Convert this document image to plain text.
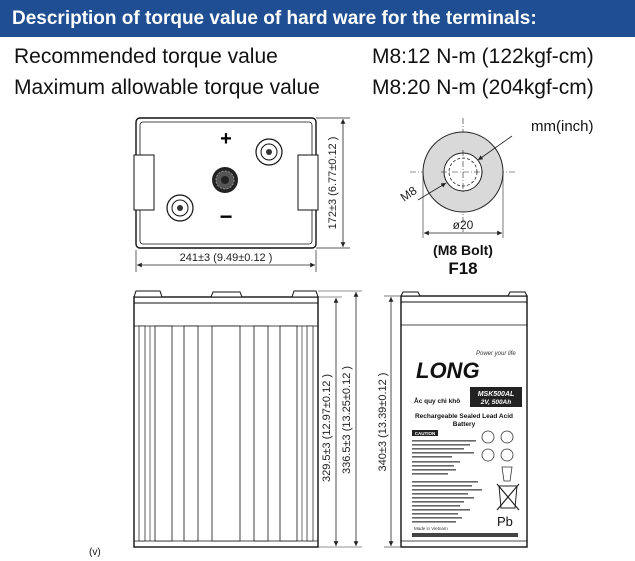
Description of torque value of hard ware for the terminals:
Recommended torque value	M8:12 N-m (122kgf-cm)
Maximum allowable torque value M8:20 N-m (204kgf-cm)
mm(inch)
+
−
241±3 (9.49±0.12 )
172±3 (6.77±0.12 )	M8
ø20
(M8 Bolt)
F18
329.5±3 (12.97±0.12 ) 336.5±3 (13.25±0.12 ) 340±3 (13.39±0.12 )
Power your life
LONG
MSK500AL
2V, 500Ah
Ắc quy chì khô
Rechargeable Sealed Lead Acid
Battery
CAUTION
Pb
Made in Vietnam
(v)
